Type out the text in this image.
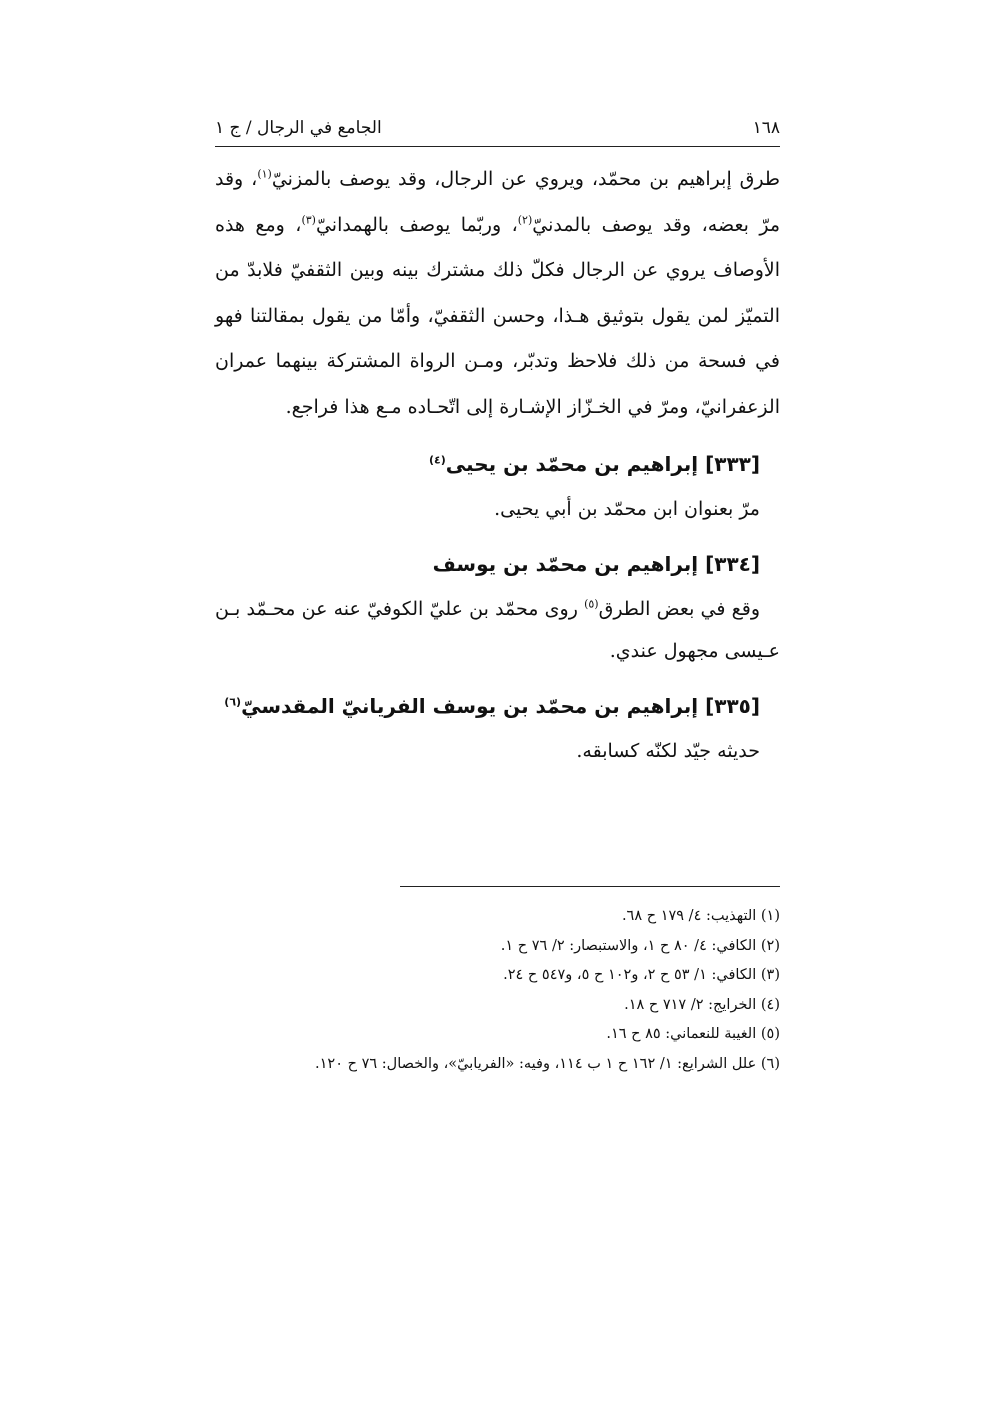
١٦٨
الجامع في الرجال / ج ١

طرق إبراهيم بن محمّد، ويروي عن الرجال، وقد يوصف بالمزنيّ$^{(١)}$، وقد مرّ بعضه، وقد يوصف بالمدنيّ$^{(٢)}$، وربّما يوصف بالهمدانيّ$^{(٣)}$، ومع هذه الأوصاف يروي عن الرجال فكلّ ذلك مشترك بينه وبين الثقفيّ فلابدّ من التميّز لمن يقول بتوثيق هـذا، وحسن الثقفيّ، وأمّا من يقول بمقالتنا فهو في فسحة من ذلك فلاحظ وتدبّر، ومـن الرواة المشتركة بينهما عمران الزعفرانيّ، ومرّ في الخـزّاز الإشـارة إلى اتّحـاده مـع هذا فراجع.

[٣٣٣] إبراهيم بن محمّد بن يحيى$^{(٤)}$

مرّ بعنوان ابن محمّد بن أبي يحيى.

[٣٣٤] إبراهيم بن محمّد بن يوسف

وقع في بعض الطرق$^{(٥)}$ روى محمّد بن عليّ الكوفيّ عنه عن محـمّد بـن عـيسى مجهول عندي.

[٣٣٥] إبراهيم بن محمّد بن يوسف الفريانيّ المقدسيّ$^{(٦)}$

حديثه جيّد لكنّه كسابقه.

(١) التهذيب: ٤/ ١٧٩ ح ٦٨.

(٢) الكافي: ٤/ ٨٠ ح ١، والاستبصار: ٢/ ٧٦ ح ١.

(٣) الكافي: ١/ ٥٣ ح ٢، و١٠٢ ح ٥، و٥٤٧ ح ٢٤.

(٤) الخرايج: ٢/ ٧١٧ ح ١٨.

(٥) الغيبة للنعماني: ٨٥ ح ١٦.

(٦) علل الشرايع: ١/ ١٦٢ ح ١ ب ١١٤، وفيه: «الفريابيّ»، والخصال: ٧٦ ح ١٢٠.
